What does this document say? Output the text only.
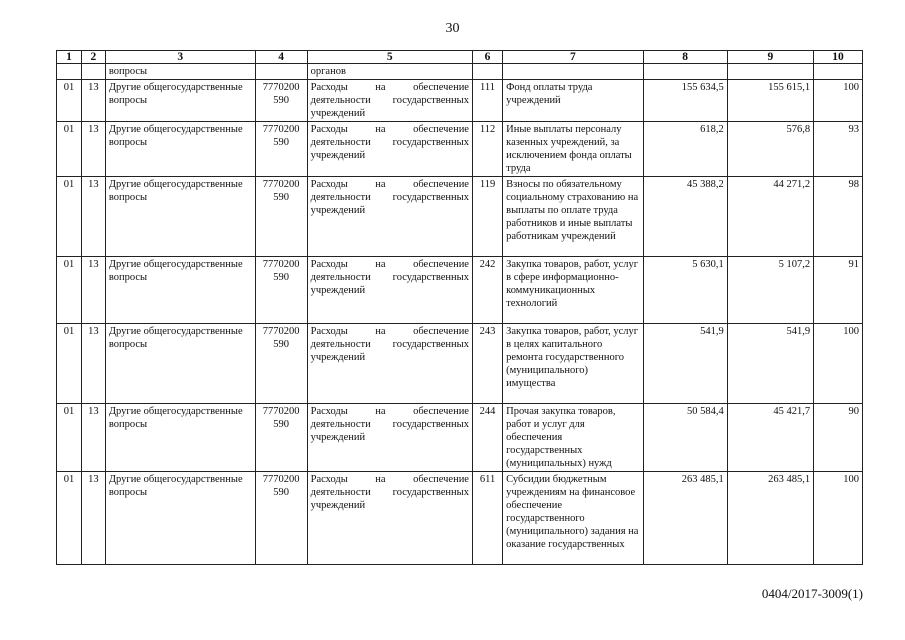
30
1	2	3	4	5	6	7	8	9	10
		вопросы		органов					
01	13	Другие общегосударственные вопросы	7770200 590	Расходы на обеспечение деятельности государственных учреждений	111	Фонд оплаты труда учреждений	155 634,5	155 615,1	100
01	13	Другие общегосударственные вопросы	7770200 590	Расходы на обеспечение деятельности государственных учреждений	112	Иные выплаты персоналу казенных учреждений, за исключением фонда оплаты труда	618,2	576,8	93
01	13	Другие общегосударственные вопросы	7770200 590	Расходы на обеспечение деятельности государственных учреждений	119	Взносы по обязательному социальному страхованию на выплаты по оплате труда работников и иные выплаты работникам учреждений	45 388,2	44 271,2	98
01	13	Другие общегосударственные вопросы	7770200 590	Расходы на обеспечение деятельности государственных учреждений	242	Закупка товаров, работ, услуг в сфере информационно-коммуникационных технологий	5 630,1	5 107,2	91
01	13	Другие общегосударственные вопросы	7770200 590	Расходы на обеспечение деятельности государственных учреждений	243	Закупка товаров, работ, услуг в целях капитального ремонта государственного (муниципального) имущества	541,9	541,9	100
01	13	Другие общегосударственные вопросы	7770200 590	Расходы на обеспечение деятельности государственных учреждений	244	Прочая закупка товаров, работ и услуг для обеспечения государственных (муниципальных) нужд	50 584,4	45 421,7	90
01	13	Другие общегосударственные вопросы	7770200 590	Расходы на обеспечение деятельности государственных учреждений	611	Субсидии бюджетным учреждениям на финансовое обеспечение государственного (муниципального) задания на оказание государственных	263 485,1	263 485,1	100
0404/2017-3009(1)
